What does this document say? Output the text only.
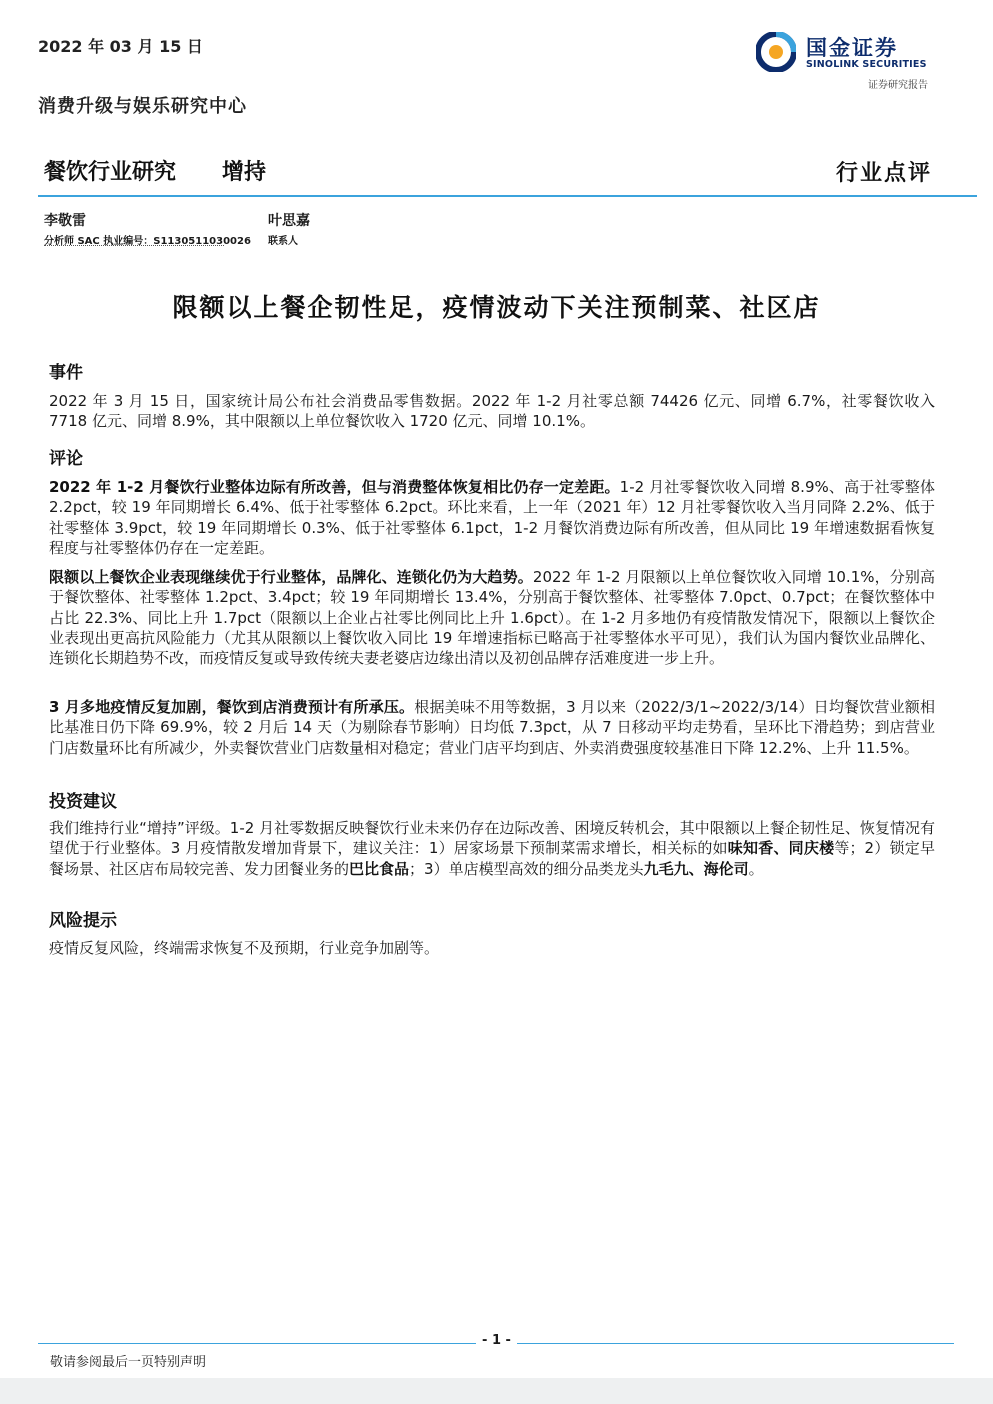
2022 年 03 月 15 日	国金证券
SINOLINK SECURITIES
证券研究报告
消费升级与娱乐研究中心
餐饮行业研究 增持	行业点评
李敬雷
分析师 SAC 执业编号：S1130511030026
叶思嘉
联系人
限额以上餐企韧性足，疫情波动下关注预制菜、社区店
事件
2022 年 3 月 15 日，国家统计局公布社会消费品零售数据。2022 年 1-2 月社零总额 74426 亿元、同增 6.7%，社零餐饮收入 7718 亿元、同增 8.9%，其中限额以上单位餐饮收入 1720 亿元、同增 10.1%。
评论
2022 年 1-2 月餐饮行业整体边际有所改善，但与消费整体恢复相比仍存一定差距。1-2 月社零餐饮收入同增 8.9%、高于社零整体 2.2pct，较 19 年同期增长 6.4%、低于社零整体 6.2pct。环比来看，上一年（2021 年）12 月社零餐饮收入当月同降 2.2%、低于社零整体 3.9pct，较 19 年同期增长 0.3%、低于社零整体 6.1pct，1-2 月餐饮消费边际有所改善，但从同比 19 年增速数据看恢复程度与社零整体仍存在一定差距。
限额以上餐饮企业表现继续优于行业整体，品牌化、连锁化仍为大趋势。2022 年 1-2 月限额以上单位餐饮收入同增 10.1%，分别高于餐饮整体、社零整体 1.2pct、3.4pct；较 19 年同期增长 13.4%，分别高于餐饮整体、社零整体 7.0pct、0.7pct；在餐饮整体中占比 22.3%、同比上升 1.7pct（限额以上企业占社零比例同比上升 1.6pct）。在 1-2 月多地仍有疫情散发情况下，限额以上餐饮企业表现出更高抗风险能力（尤其从限额以上餐饮收入同比 19 年增速指标已略高于社零整体水平可见），我们认为国内餐饮业品牌化、连锁化长期趋势不改，而疫情反复或导致传统夫妻老婆店边缘出清以及初创品牌存活难度进一步上升。
3 月多地疫情反复加剧，餐饮到店消费预计有所承压。根据美味不用等数据，3 月以来（2022/3/1~2022/3/14）日均餐饮营业额相比基准日仍下降 69.9%，较 2 月后 14 天（为剔除春节影响）日均低 7.3pct，从 7 日移动平均走势看，呈环比下滑趋势；到店营业门店数量环比有所减少，外卖餐饮营业门店数量相对稳定；营业门店平均到店、外卖消费强度较基准日下降 12.2%、上升 11.5%。
投资建议
我们维持行业“增持”评级。1-2 月社零数据反映餐饮行业未来仍存在边际改善、困境反转机会，其中限额以上餐企韧性足、恢复情况有望优于行业整体。3 月疫情散发增加背景下，建议关注：1）居家场景下预制菜需求增长，相关标的如味知香、同庆楼等；2）锁定早餐场景、社区店布局较完善、发力团餐业务的巴比食品；3）单店模型高效的细分品类龙头九毛九、海伦司。
风险提示
疫情反复风险，终端需求恢复不及预期，行业竞争加剧等。
- 1 -
敬请参阅最后一页特别声明
